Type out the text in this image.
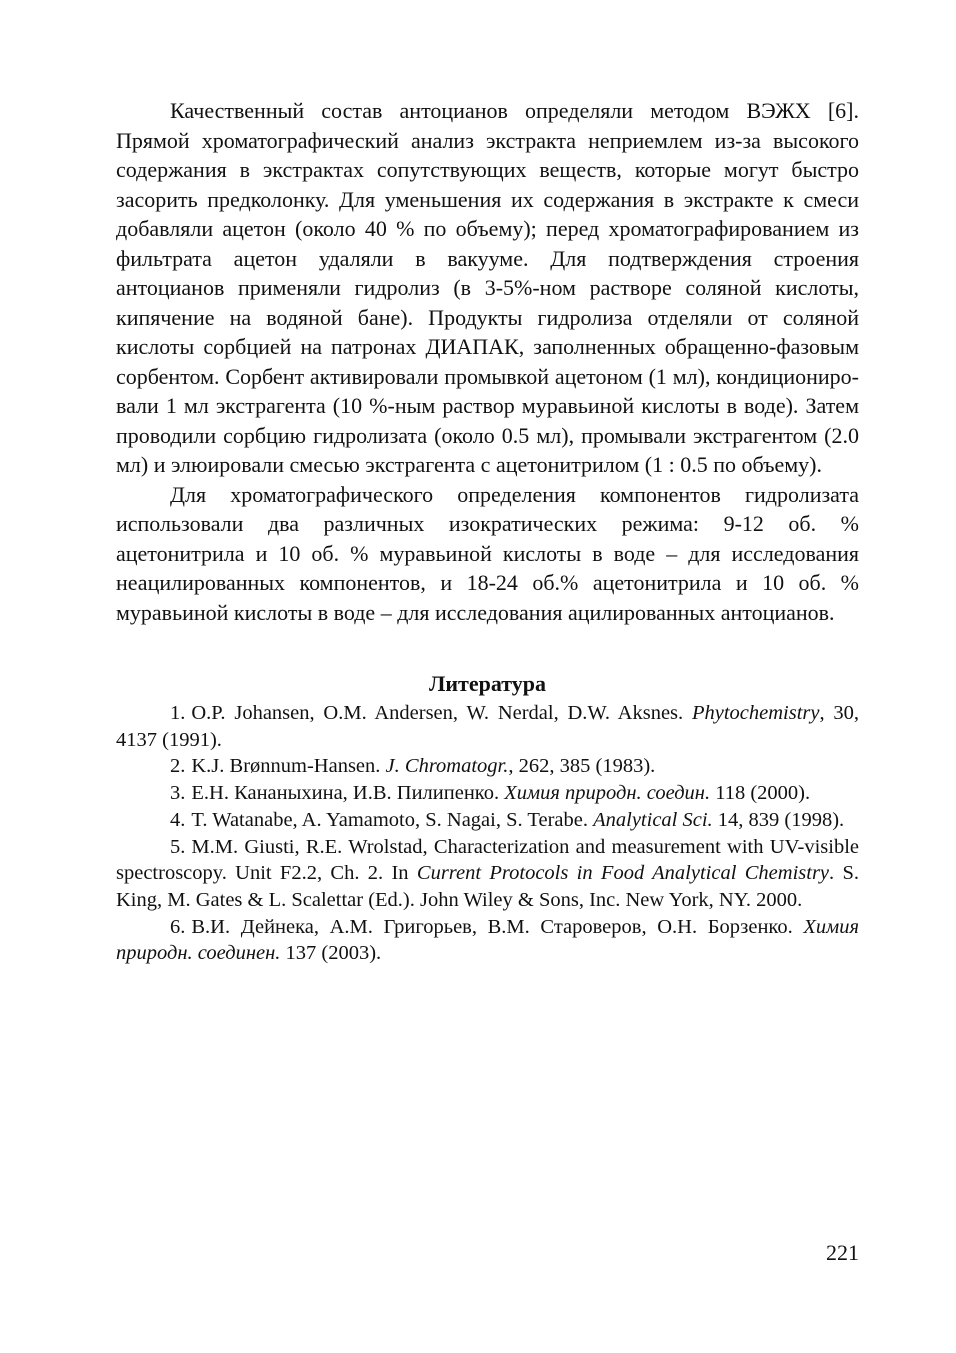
Качественный состав антоцианов определяли методом ВЭЖХ [6]. Прямой хроматографический анализ экстракта неприемлем из-за высокого содержания в экстрактах сопутствующих веществ, которые могут быстро засорить предколонку. Для уменьшения их содержания в экстракте к смеси добавляли ацетон (около 40 % по объему); перед хроматографированием из фильтрата ацетон удаляли в вакууме. Для подтверждения строения антоцианов применяли гидролиз (в 3-5%-ном растворе соляной кислоты, кипячение на водяной бане). Продукты гидролиза отделяли от соляной кислоты сорбцией на патронах ДИАПАК, заполненных обращенно-фазовым сорбентом. Сорбент активировали промывкой ацетоном (1 мл), кондиционировали 1 мл экстрагента (10 %-ным раствор муравьиной кислоты в воде). Затем проводили сорбцию гидролизата (около 0.5 мл), промывали экстрагентом (2.0 мл) и элюировали смесью экстрагента с ацетонитрилом (1 : 0.5 по объему).

Для хроматографического определения компонентов гидролизата использовали два различных изократических режима: 9-12 об. % ацетонитрила и 10 об. % муравьиной кислоты в воде – для исследования неацилированных компонентов, и 18-24 об.% ацетонитрила и 10 об. % муравьиной кислоты в воде – для исследования ацилированных антоцианов.

Литература
1. O.P. Johansen, O.M. Andersen, W. Nerdal, D.W. Aksnes. Phytochemistry, 30, 4137 (1991).
2. K.J. Brønnum-Hansen. J. Chromatogr., 262, 385 (1983).
3. Е.Н. Кананыхина, И.В. Пилипенко. Химия природн. соедин. 118 (2000).
4. T. Watanabe, A. Yamamoto, S. Nagai, S. Terabe. Analytical Sci. 14, 839 (1998).
5. M.M. Giusti, R.E. Wrolstad, Characterization and measurement with UV-visible spectroscopy. Unit F2.2, Ch. 2. In Current Protocols in Food Analytical Chemistry. S. King, M. Gates & L. Scalettar (Ed.). John Wiley & Sons, Inc. New York, NY. 2000.
6. В.И. Дейнека, А.М. Григорьев, В.М. Староверов, О.Н. Борзенко. Химия природн. соединен. 137 (2003).
221
